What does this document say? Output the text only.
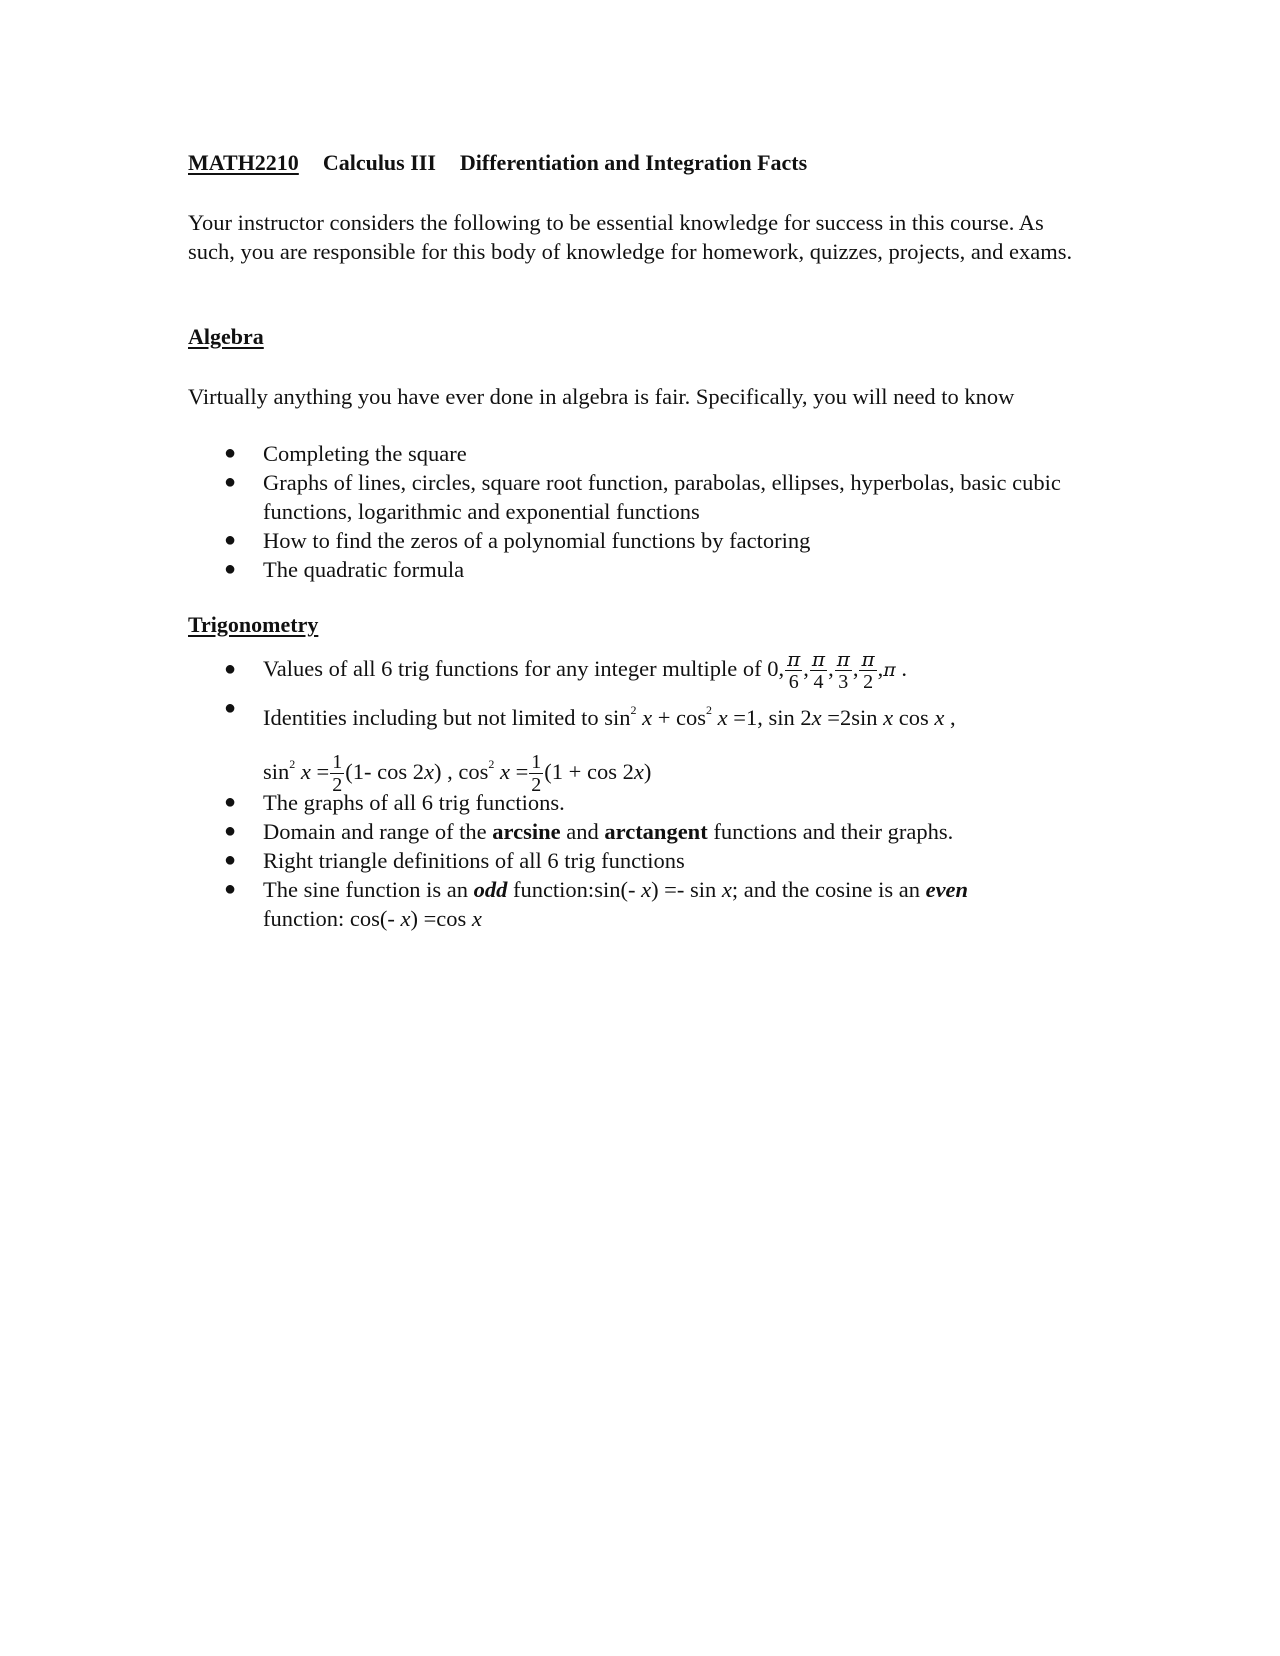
MATH2210 Calculus III Differentiation and Integration Facts
Your instructor considers the following to be essential knowledge for success in this course. As such, you are responsible for this body of knowledge for homework, quizzes, projects, and exams.
Algebra
Virtually anything you have ever done in algebra is fair. Specifically, you will need to know
● Completing the square
● Graphs of lines, circles, square root function, parabolas, ellipses, hyperbolas, basic cubic functions, logarithmic and exponential functions
● How to find the zeros of a polynomial functions by factoring
● The quadratic formula
Trigonometry
● Values of all 6 trig functions for any integer multiple of 0, $\frac{\pi}{6}$ , $\frac{\pi}{4}$ , $\frac{\pi}{3}$ , $\frac{\pi}{2} ,\pi$ .
● Identities including but not limited to $\sin^2 x + \cos^2 x =1$, sin 2x =2sin x cos x ,
$\sin^2 x = \frac{1}{2} (1-$ cos 2x) , $\cos^2 x = \frac{1}{2} (1 + \cos 2x)$
● The graphs of all 6 trig functions.
● Domain and range of the arcsine and arctangent functions and their graphs.
● Right triangle definitions of all 6 trig functions
● The sine function is an odd function:sin(- x) =- sin x; and the cosine is an even
function: cos(- x) =cos x
